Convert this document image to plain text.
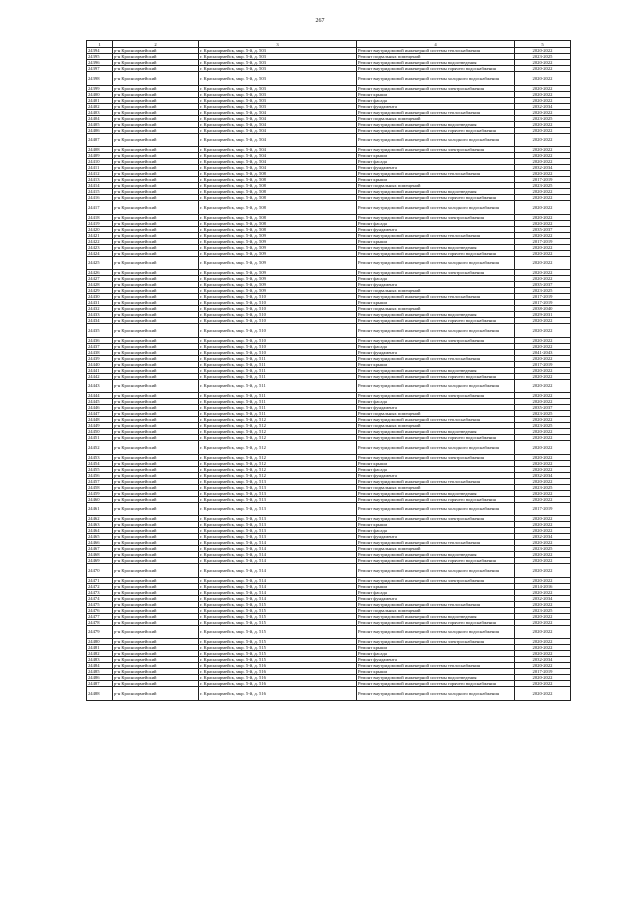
267
1	2	3	4	5
24394	р-н Красноармейский	г. Красноармейск, мкр. 5-й, д. 503	Ремонт внутридомовой инженерной системы теплоснабжения	2020-2022
24395	р-н Красноармейский	г. Красноармейск, мкр. 5-й, д. 503	Ремонт подвальных помещений	2023-2025
24396	р-н Красноармейский	г. Красноармейск, мкр. 5-й, д. 503	Ремонт внутридомовой инженерной системы водоотведения	2020-2022
24397	р-н Красноармейский	г. Красноармейск, мкр. 5-й, д. 503	Ремонт внутридомовой инженерной системы горячего водоснабжения	2020-2022
24398	р-н Красноармейский	г. Красноармейск, мкр. 5-й, д. 503	Ремонт внутридомовой инженерной системы холодного водоснабжения	2020-2022
24399	р-н Красноармейский	г. Красноармейск, мкр. 5-й, д. 503	Ремонт внутридомовой инженерной системы электроснабжения	2020-2022
24400	р-н Красноармейский	г. Красноармейск, мкр. 5-й, д. 503	Ремонт крыши	2020-2022
24401	р-н Красноармейский	г. Красноармейск, мкр. 5-й, д. 503	Ремонт фасада	2020-2022
24402	р-н Красноармейский	г. Красноармейск, мкр. 5-й, д. 503	Ремонт фундамента	2032-2034
24403	р-н Красноармейский	г. Красноармейск, мкр. 5-й, д. 504	Ремонт внутридомовой инженерной системы теплоснабжения	2020-2022
24404	р-н Красноармейский	г. Красноармейск, мкр. 5-й, д. 504	Ремонт подвальных помещений	2023-2025
24405	р-н Красноармейский	г. Красноармейск, мкр. 5-й, д. 504	Ремонт внутридомовой инженерной системы водоотведения	2020-2022
24406	р-н Красноармейский	г. Красноармейск, мкр. 5-й, д. 504	Ремонт внутридомовой инженерной системы горячего водоснабжения	2020-2022
24407	р-н Красноармейский	г. Красноармейск, мкр. 5-й, д. 504	Ремонт внутридомовой инженерной системы холодного водоснабжения	2020-2022
24408	р-н Красноармейский	г. Красноармейск, мкр. 5-й, д. 504	Ремонт внутридомовой инженерной системы электроснабжения	2020-2022
24409	р-н Красноармейский	г. Красноармейск, мкр. 5-й, д. 504	Ремонт крыши	2020-2022
24410	р-н Красноармейский	г. Красноармейск, мкр. 5-й, д. 504	Ремонт фасада	2020-2022
24411	р-н Красноармейский	г. Красноармейск, мкр. 5-й, д. 504	Ремонт фундамента	2032-2034
24412	р-н Красноармейский	г. Красноармейск, мкр. 5-й, д. 508	Ремонт внутридомовой инженерной системы теплоснабжения	2020-2022
24413	р-н Красноармейский	г. Красноармейск, мкр. 5-й, д. 508	Ремонт крыши	2017-2019
24414	р-н Красноармейский	г. Красноармейск, мкр. 5-й, д. 508	Ремонт подвальных помещений	2023-2025
24415	р-н Красноармейский	г. Красноармейск, мкр. 5-й, д. 508	Ремонт внутридомовой инженерной системы водоотведения	2020-2022
24416	р-н Красноармейский	г. Красноармейск, мкр. 5-й, д. 508	Ремонт внутридомовой инженерной системы горячего водоснабжения	2020-2022
24417	р-н Красноармейский	г. Красноармейск, мкр. 5-й, д. 508	Ремонт внутридомовой инженерной системы холодного водоснабжения	2020-2022
24418	р-н Красноармейский	г. Красноармейск, мкр. 5-й, д. 508	Ремонт внутридомовой инженерной системы электроснабжения	2020-2022
24419	р-н Красноармейский	г. Красноармейск, мкр. 5-й, д. 508	Ремонт фасада	2020-2022
24420	р-н Красноармейский	г. Красноармейск, мкр. 5-й, д. 508	Ремонт фундамента	2035-2037
24421	р-н Красноармейский	г. Красноармейск, мкр. 5-й, д. 509	Ремонт внутридомовой инженерной системы теплоснабжения	2020-2022
24422	р-н Красноармейский	г. Красноармейск, мкр. 5-й, д. 509	Ремонт крыши	2017-2019
24423	р-н Красноармейский	г. Красноармейск, мкр. 5-й, д. 509	Ремонт внутридомовой инженерной системы водоотведения	2020-2022
24424	р-н Красноармейский	г. Красноармейск, мкр. 5-й, д. 509	Ремонт внутридомовой инженерной системы горячего водоснабжения	2020-2022
24425	р-н Красноармейский	г. Красноармейск, мкр. 5-й, д. 509	Ремонт внутридомовой инженерной системы холодного водоснабжения	2020-2022
24426	р-н Красноармейский	г. Красноармейск, мкр. 5-й, д. 509	Ремонт внутридомовой инженерной системы электроснабжения	2020-2022
24427	р-н Красноармейский	г. Красноармейск, мкр. 5-й, д. 509	Ремонт фасада	2020-2022
24428	р-н Красноармейский	г. Красноармейск, мкр. 5-й, д. 509	Ремонт фундамента	2035-2037
24429	р-н Красноармейский	г. Красноармейск, мкр. 5-й, д. 509	Ремонт подвальных помещений	2023-2025
24430	р-н Красноармейский	г. Красноармейск, мкр. 5-й, д. 510	Ремонт внутридомовой инженерной системы теплоснабжения	2017-2019
24431	р-н Красноармейский	г. Красноармейск, мкр. 5-й, д. 510	Ремонт крыши	2017-2019
24432	р-н Красноармейский	г. Красноармейск, мкр. 5-й, д. 510	Ремонт подвальных помещений	2038-2040
24433	р-н Красноармейский	г. Красноармейск, мкр. 5-й, д. 510	Ремонт внутридомовой инженерной системы водоотведения	2029-2031
24434	р-н Красноармейский	г. Красноармейск, мкр. 5-й, д. 510	Ремонт внутридомовой инженерной системы горячего водоснабжения	2020-2022
24435	р-н Красноармейский	г. Красноармейск, мкр. 5-й, д. 510	Ремонт внутридомовой инженерной системы холодного водоснабжения	2020-2022
24436	р-н Красноармейский	г. Красноармейск, мкр. 5-й, д. 510	Ремонт внутридомовой инженерной системы электроснабжения	2020-2022
24437	р-н Красноармейский	г. Красноармейск, мкр. 5-й, д. 510	Ремонт фасада	2020-2022
24438	р-н Красноармейский	г. Красноармейск, мкр. 5-й, д. 510	Ремонт фундамента	2041-2043
24439	р-н Красноармейский	г. Красноармейск, мкр. 5-й, д. 511	Ремонт внутридомовой инженерной системы теплоснабжения	2020-2022
24440	р-н Красноармейский	г. Красноармейск, мкр. 5-й, д. 511	Ремонт крыши	2017-2019
24441	р-н Красноармейский	г. Красноармейск, мкр. 5-й, д. 511	Ремонт внутридомовой инженерной системы водоотведения	2020-2022
24442	р-н Красноармейский	г. Красноармейск, мкр. 5-й, д. 511	Ремонт внутридомовой инженерной системы горячего водоснабжения	2020-2022
24443	р-н Красноармейский	г. Красноармейск, мкр. 5-й, д. 511	Ремонт внутридомовой инженерной системы холодного водоснабжения	2020-2022
24444	р-н Красноармейский	г. Красноармейск, мкр. 5-й, д. 511	Ремонт внутридомовой инженерной системы электроснабжения	2020-2022
24445	р-н Красноармейский	г. Красноармейск, мкр. 5-й, д. 511	Ремонт фасада	2020-2022
24446	р-н Красноармейский	г. Красноармейск, мкр. 5-й, д. 511	Ремонт фундамента	2035-2037
24447	р-н Красноармейский	г. Красноармейск, мкр. 5-й, д. 511	Ремонт подвальных помещений	2023-2025
24448	р-н Красноармейский	г. Красноармейск, мкр. 5-й, д. 512	Ремонт внутридомовой инженерной системы теплоснабжения	2020-2022
24449	р-н Красноармейский	г. Красноармейск, мкр. 5-й, д. 512	Ремонт подвальных помещений	2023-2025
24450	р-н Красноармейский	г. Красноармейск, мкр. 5-й, д. 512	Ремонт внутридомовой инженерной системы водоотведения	2020-2022
24451	р-н Красноармейский	г. Красноармейск, мкр. 5-й, д. 512	Ремонт внутридомовой инженерной системы горячего водоснабжения	2020-2022
24452	р-н Красноармейский	г. Красноармейск, мкр. 5-й, д. 512	Ремонт внутридомовой инженерной системы холодного водоснабжения	2020-2022
24453	р-н Красноармейский	г. Красноармейск, мкр. 5-й, д. 512	Ремонт внутридомовой инженерной системы электроснабжения	2020-2022
24454	р-н Красноармейский	г. Красноармейск, мкр. 5-й, д. 512	Ремонт крыши	2020-2022
24455	р-н Красноармейский	г. Красноармейск, мкр. 5-й, д. 512	Ремонт фасада	2020-2022
24456	р-н Красноармейский	г. Красноармейск, мкр. 5-й, д. 512	Ремонт фундамента	2032-2034
24457	р-н Красноармейский	г. Красноармейск, мкр. 5-й, д. 513	Ремонт внутридомовой инженерной системы теплоснабжения	2020-2022
24458	р-н Красноармейский	г. Красноармейск, мкр. 5-й, д. 513	Ремонт подвальных помещений	2023-2025
24459	р-н Красноармейский	г. Красноармейск, мкр. 5-й, д. 513	Ремонт внутридомовой инженерной системы водоотведения	2020-2022
24460	р-н Красноармейский	г. Красноармейск, мкр. 5-й, д. 513	Ремонт внутридомовой инженерной системы горячего водоснабжения	2020-2022
24461	р-н Красноармейский	г. Красноармейск, мкр. 5-й, д. 513	Ремонт внутридомовой инженерной системы холодного водоснабжения	2017-2019
24462	р-н Красноармейский	г. Красноармейск, мкр. 5-й, д. 513	Ремонт внутридомовой инженерной системы электроснабжения	2020-2022
24463	р-н Красноармейский	г. Красноармейск, мкр. 5-й, д. 513	Ремонт крыши	2020-2022
24464	р-н Красноармейский	г. Красноармейск, мкр. 5-й, д. 513	Ремонт фасада	2020-2022
24465	р-н Красноармейский	г. Красноармейск, мкр. 5-й, д. 513	Ремонт фундамента	2032-2034
24466	р-н Красноармейский	г. Красноармейск, мкр. 5-й, д. 514	Ремонт внутридомовой инженерной системы теплоснабжения	2020-2022
24467	р-н Красноармейский	г. Красноармейск, мкр. 5-й, д. 514	Ремонт подвальных помещений	2023-2025
24468	р-н Красноармейский	г. Красноармейск, мкр. 5-й, д. 514	Ремонт внутридомовой инженерной системы водоотведения	2020-2022
24469	р-н Красноармейский	г. Красноармейск, мкр. 5-й, д. 514	Ремонт внутридомовой инженерной системы горячего водоснабжения	2020-2022
24470	р-н Красноармейский	г. Красноармейск, мкр. 5-й, д. 514	Ремонт внутридомовой инженерной системы холодного водоснабжения	2020-2022
24471	р-н Красноармейский	г. Красноармейск, мкр. 5-й, д. 514	Ремонт внутридомовой инженерной системы электроснабжения	2020-2022
24472	р-н Красноармейский	г. Красноармейск, мкр. 5-й, д. 514	Ремонт крыши	2014-2016
24473	р-н Красноармейский	г. Красноармейск, мкр. 5-й, д. 514	Ремонт фасада	2020-2022
24474	р-н Красноармейский	г. Красноармейск, мкр. 5-й, д. 514	Ремонт фундамента	2032-2034
24475	р-н Красноармейский	г. Красноармейск, мкр. 5-й, д. 515	Ремонт внутридомовой инженерной системы теплоснабжения	2020-2022
24476	р-н Красноармейский	г. Красноармейск, мкр. 5-й, д. 515	Ремонт подвальных помещений	2023-2025
24477	р-н Красноармейский	г. Красноармейск, мкр. 5-й, д. 515	Ремонт внутридомовой инженерной системы водоотведения	2020-2022
24478	р-н Красноармейский	г. Красноармейск, мкр. 5-й, д. 515	Ремонт внутридомовой инженерной системы горячего водоснабжения	2020-2022
24479	р-н Красноармейский	г. Красноармейск, мкр. 5-й, д. 515	Ремонт внутридомовой инженерной системы холодного водоснабжения	2020-2022
24480	р-н Красноармейский	г. Красноармейск, мкр. 5-й, д. 515	Ремонт внутридомовой инженерной системы электроснабжения	2020-2022
24481	р-н Красноармейский	г. Красноармейск, мкр. 5-й, д. 515	Ремонт крыши	2020-2022
24482	р-н Красноармейский	г. Красноармейск, мкр. 5-й, д. 515	Ремонт фасада	2020-2022
24483	р-н Красноармейский	г. Красноармейск, мкр. 5-й, д. 515	Ремонт фундамента	2032-2034
24484	р-н Красноармейский	г. Красноармейск, мкр. 5-й, д. 516	Ремонт внутридомовой инженерной системы теплоснабжения	2020-2022
24485	р-н Красноармейский	г. Красноармейск, мкр. 5-й, д. 516	Ремонт крыши	2017-2019
24486	р-н Красноармейский	г. Красноармейск, мкр. 5-й, д. 516	Ремонт внутридомовой инженерной системы водоотведения	2020-2022
24487	р-н Красноармейский	г. Красноармейск, мкр. 5-й, д. 516	Ремонт внутридомовой инженерной системы горячего водоснабжения	2020-2022
24488	р-н Красноармейский	г. Красноармейск, мкр. 5-й, д. 516	Ремонт внутридомовой инженерной системы холодного водоснабжения	2020-2022
